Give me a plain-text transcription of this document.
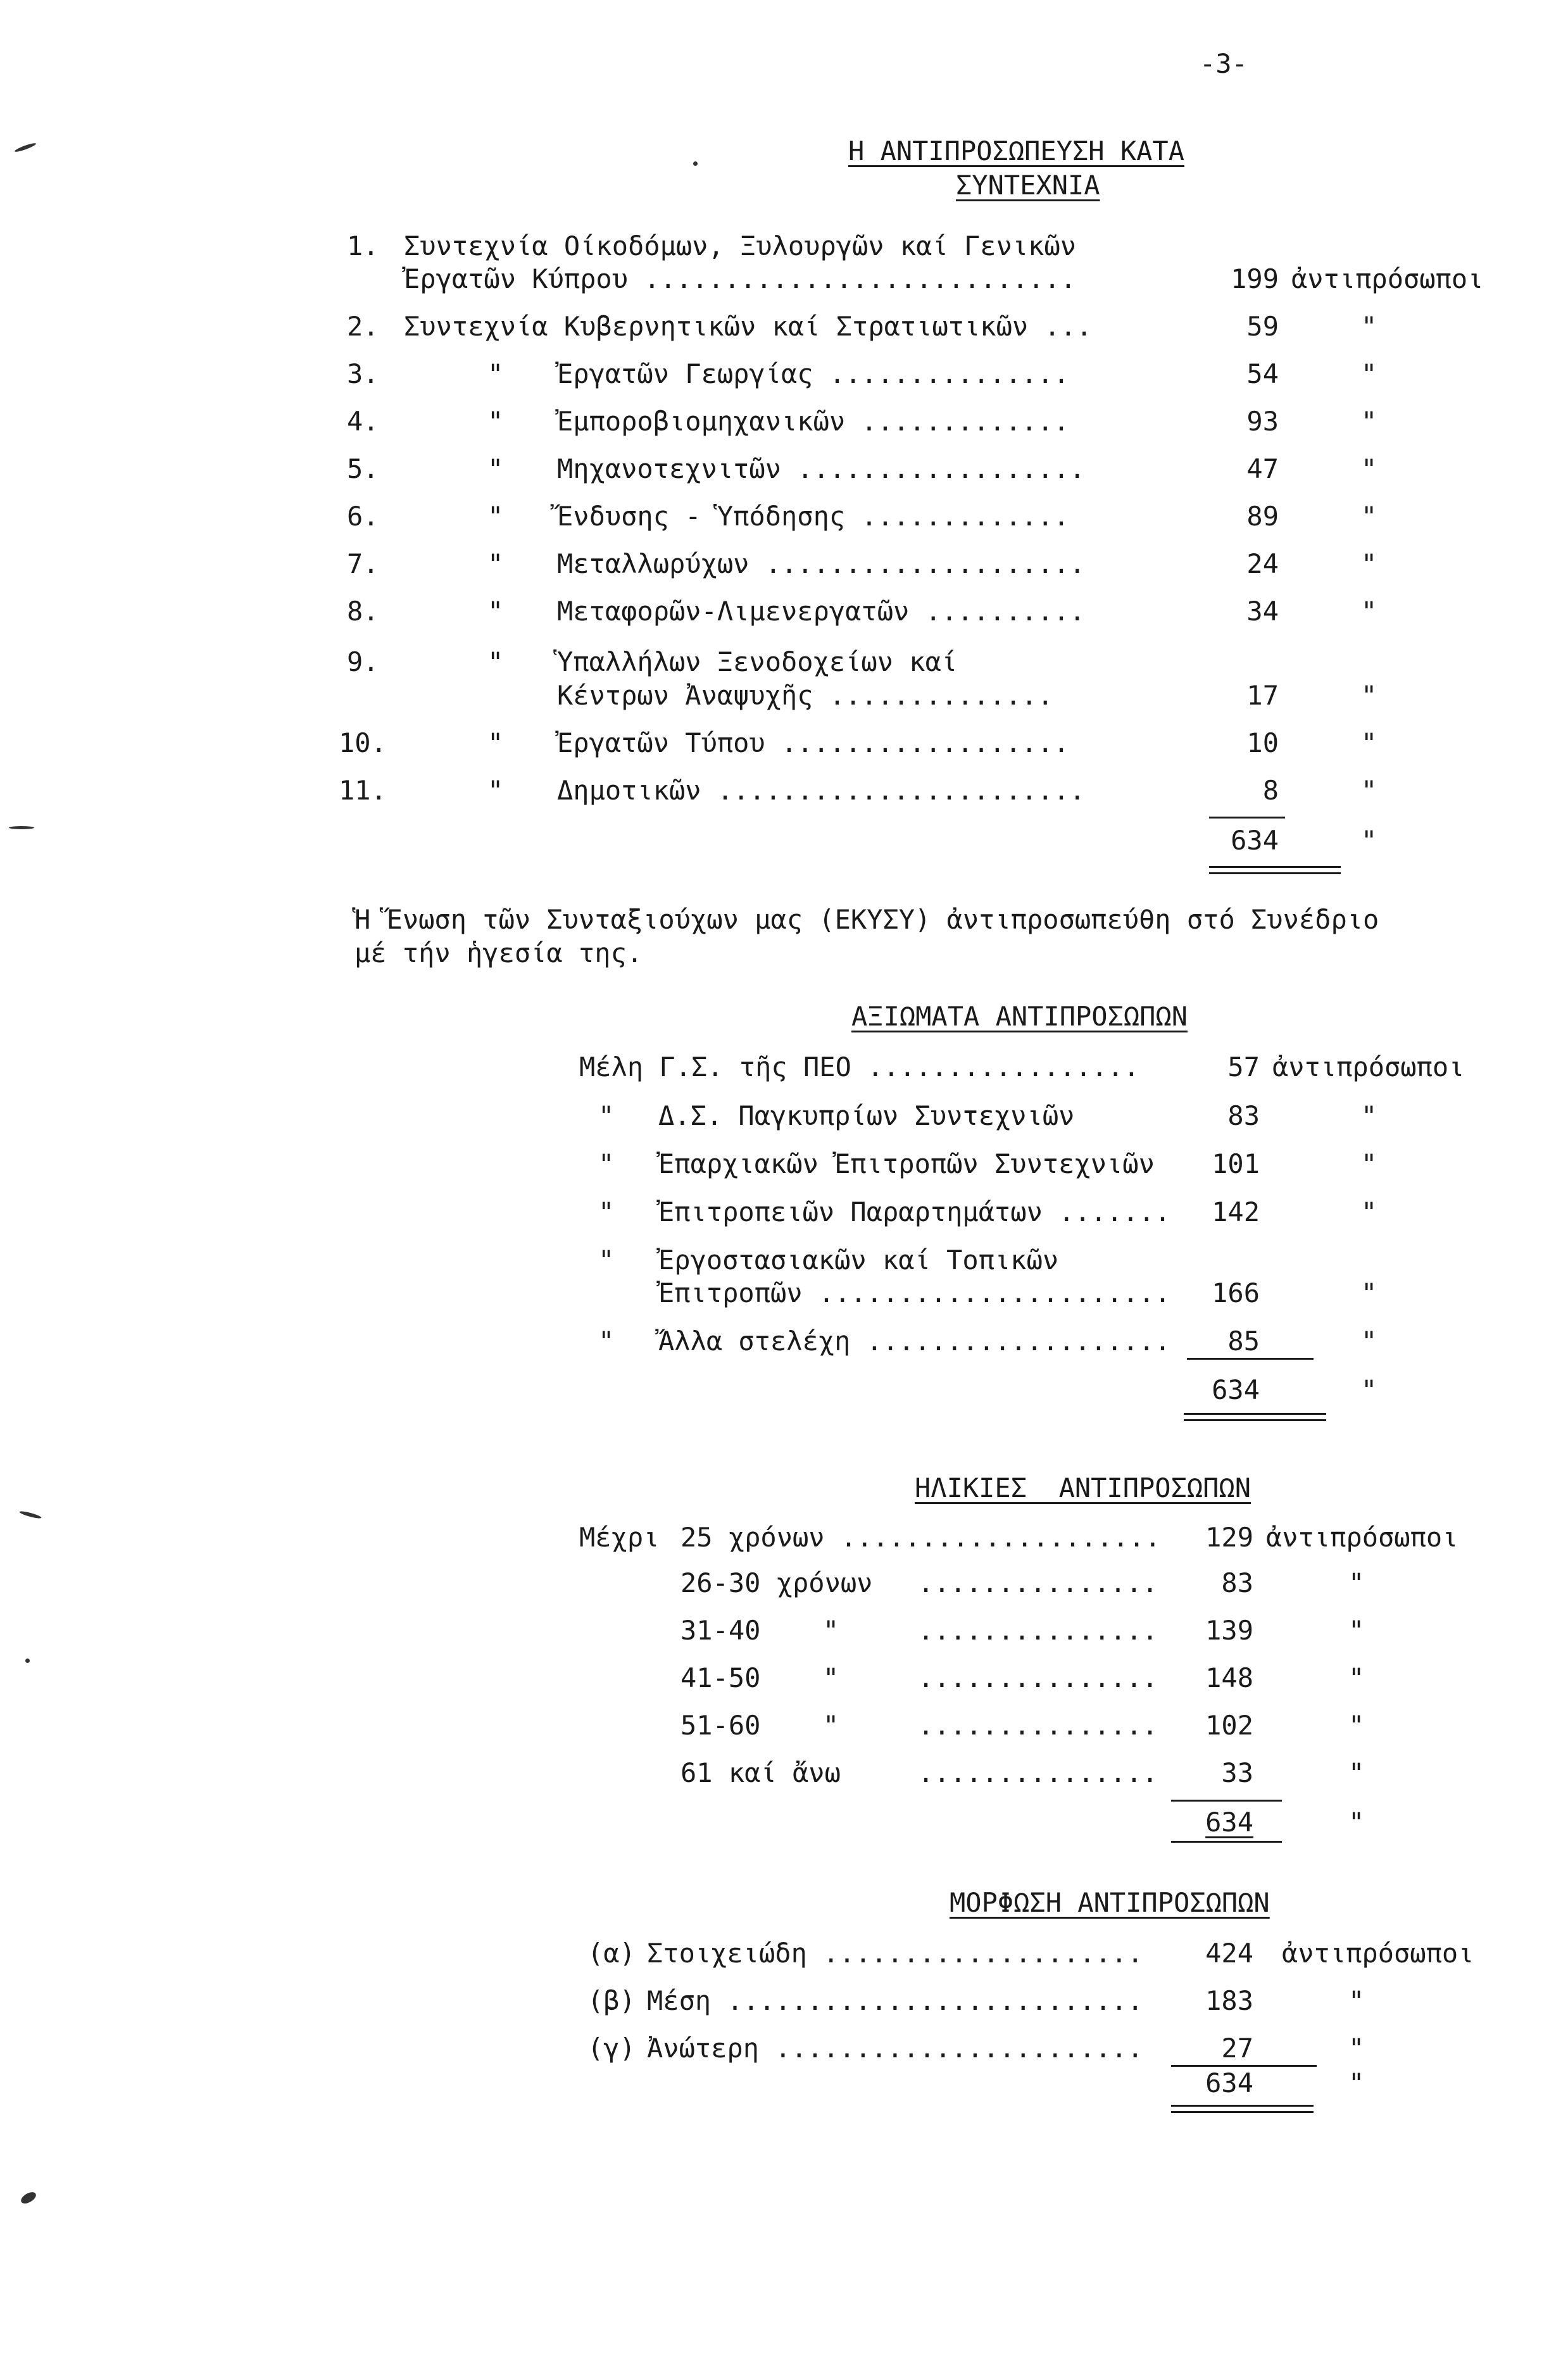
-3-
Η ΑΝΤΙΠΡΟΣΩΠΕΥΣΗ ΚΑΤΑ
ΣΥΝΤΕΧΝΙΑ
1. Συντεχνία Οίκοδόμων, Ξυλουργῶν καί Γενικῶν
Ἐργατῶν Κύπρου ...........................	199 ἀντιπρόσωποι
2. Συντεχνία Κυβερνητικῶν καί Στρατιωτικῶν ...	59	"
3.	" Ἐργατῶν Γεωργίας ...............	54	"
4.	" Ἐμποροβιομηχανικῶν .............	93	"
5.	" Μηχανοτεχνιτῶν ..................	47	"
6.	" Ἔνδυσης - Ὑπόδησης .............	89	"
7.	" Μεταλλωρύχων ....................	24	"
8.	" Μεταφορῶν-Λιμενεργατῶν ..........	34	"
9.	" Ὑπαλλήλων Ξενοδοχείων καί
Κέντρων Ἀναψυχῆς ..............	17	"
10.	" Ἐργατῶν Τύπου ..................	10	"
11.	" Δημοτικῶν .......................	8	"
634	"
Ἡ Ἕνωση τῶν Συνταξιούχων μας (ΕΚΥΣΥ) ἀντιπροσωπεύθη στό Συνέδριο
μέ τήν ἡγεσία της.
ΑΞΙΩΜΑΤΑ ΑΝΤΙΠΡΟΣΩΠΩΝ
Μέλη Γ.Σ. τῆς ΠΕΟ .................	57 ἀντιπρόσωποι
" Δ.Σ. Παγκυπρίων Συντεχνιῶν	83	"
" Ἐπαρχιακῶν Ἐπιτροπῶν Συντεχνιῶν	101	"
" Ἐπιτροπειῶν Παραρτημάτων .......	142	"
" Ἐργοστασιακῶν καί Τοπικῶν
Ἐπιτροπῶν ......................	166	"
" Ἄλλα στελέχη ...................	85	"
634	"
ΗΛΙΚΙΕΣ  ΑΝΤΙΠΡΟΣΩΠΩΝ
Μέχρι 25 χρόνων ....................	129 ἀντιπρόσωποι
26-30 χρόνων ...............	83	"
31-40 "	...............	139	"
41-50 "	...............	148	"
51-60 "	...............	102	"
61 καί ἄνω	...............	33	"
634	"
ΜΟΡΦΩΣΗ ΑΝΤΙΠΡΟΣΩΠΩΝ
(α) Στοιχειώδη ....................	424 ἀντιπρόσωποι
(β) Μέση ..........................	183	"
(γ) Ἀνώτερη .......................	27	"
634	"
